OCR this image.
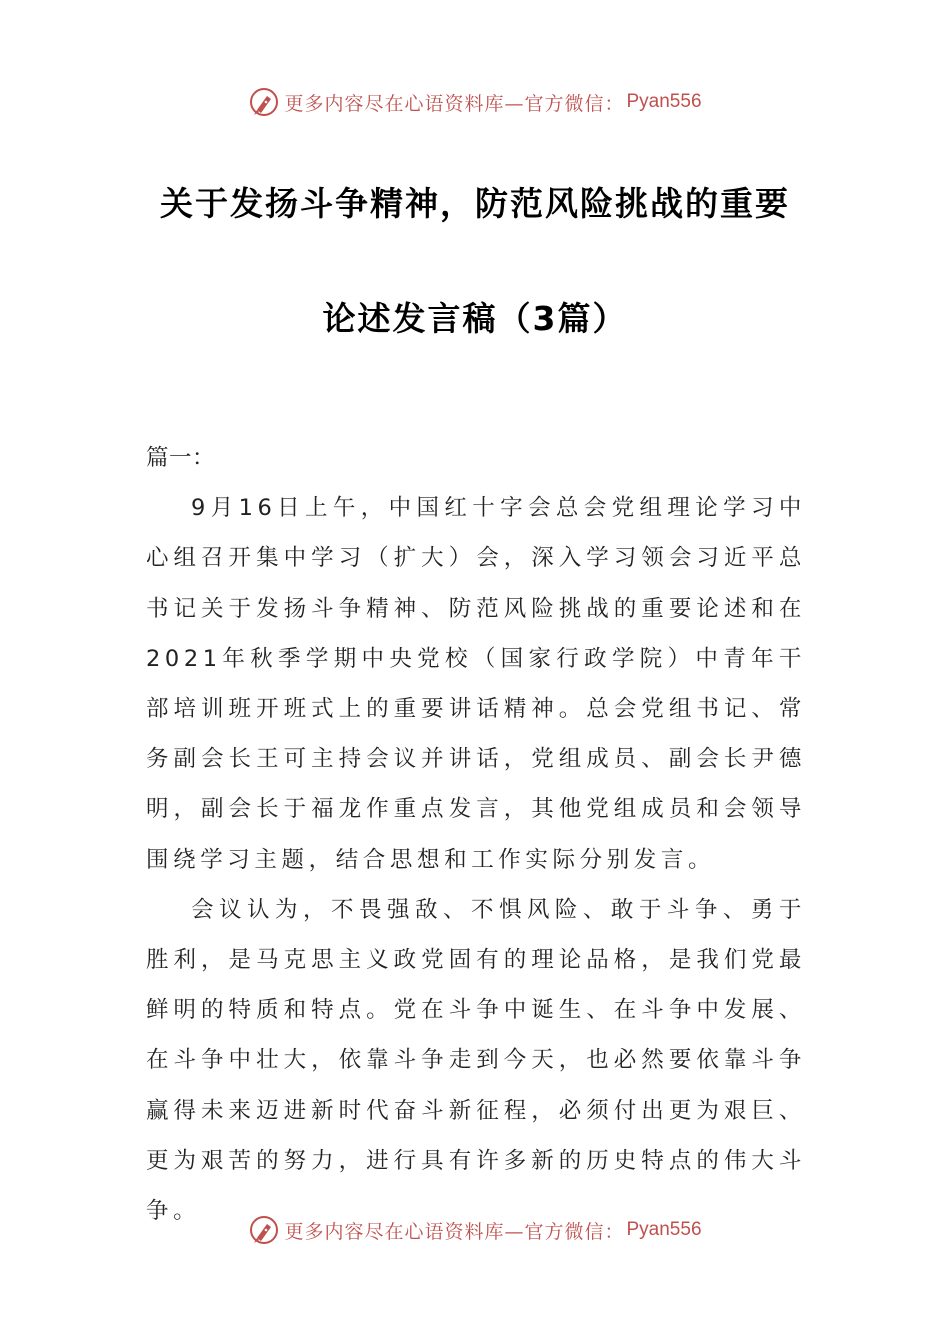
更多内容尽在心语资料库—官方微信： Pyan556
关于发扬斗争精神，防范风险挑战的重要
论述发言稿（3篇）

篇一：

9月16日上午，中国红十字会总会党组理论学习中心组召开集中学习（扩大）会，深入学习领会习近平总书记关于发扬斗争精神、防范风险挑战的重要论述和在2021年秋季学期中央党校（国家行政学院）中青年干部培训班开班式上的重要讲话精神。总会党组书记、常务副会长王可主持会议并讲话，党组成员、副会长尹德明，副会长于福龙作重点发言，其他党组成员和会领导围绕学习主题，结合思想和工作实际分别发言。

会议认为，不畏强敌、不惧风险、敢于斗争、勇于胜利，是马克思主义政党固有的理论品格，是我们党最鲜明的特质和特点。党在斗争中诞生、在斗争中发展、在斗争中壮大，依靠斗争走到今天，也必然要依靠斗争赢得未来迈进新时代奋斗新征程，必须付出更为艰巨、更为艰苦的努力，进行具有许多新的历史特点的伟大斗争。

更多内容尽在心语资料库—官方微信： Pyan556
